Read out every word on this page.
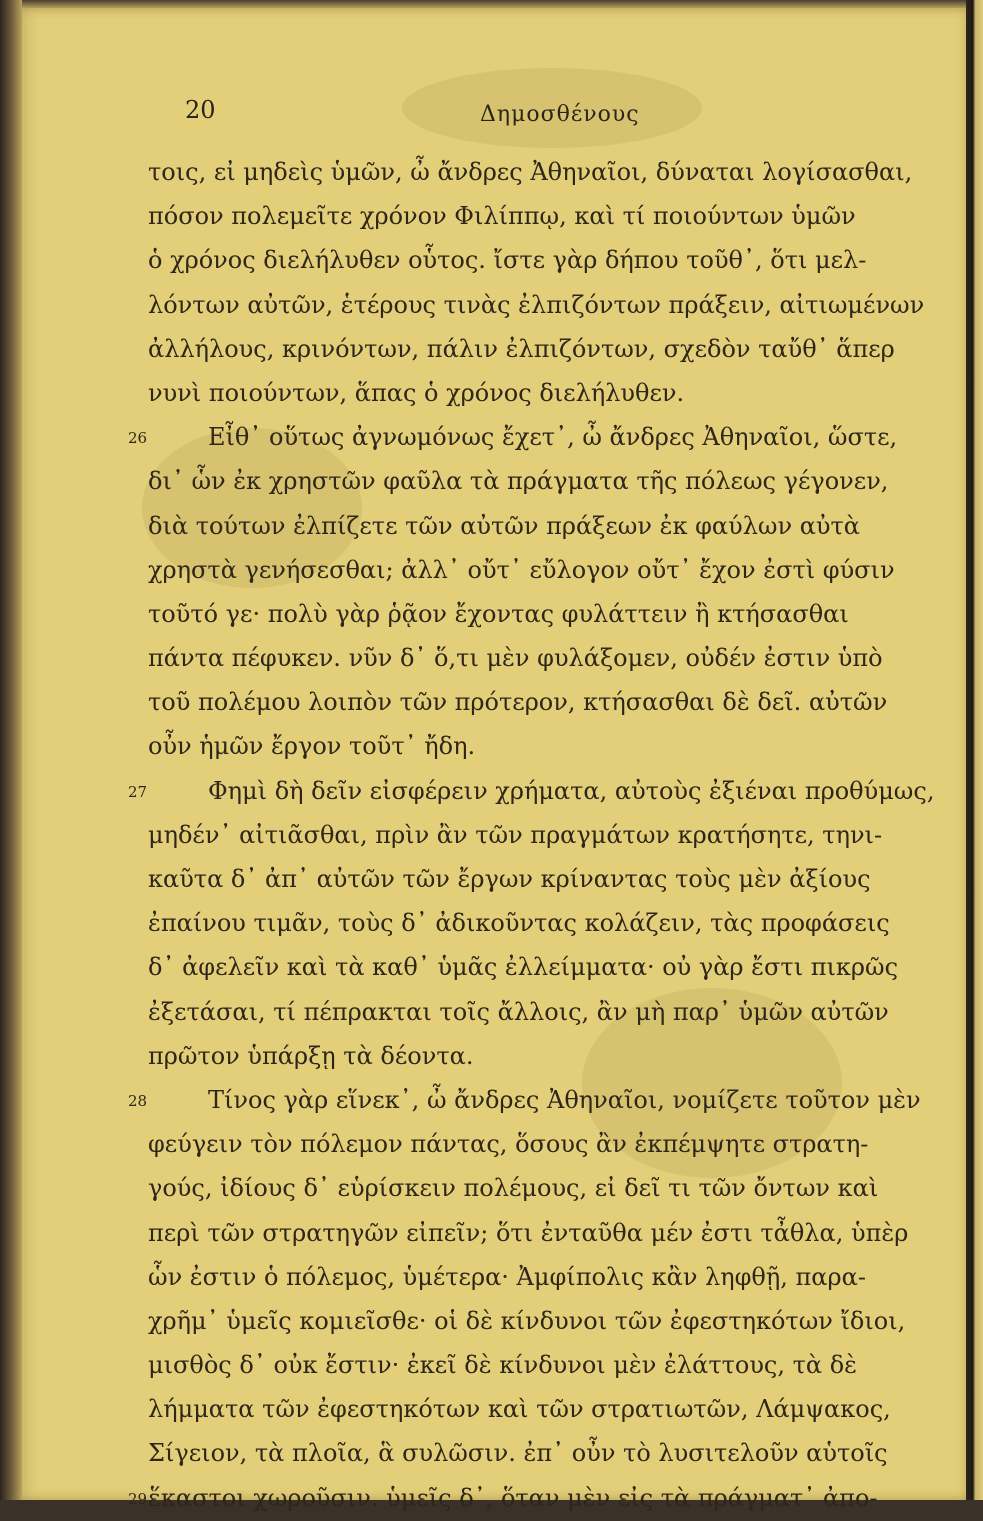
20	Δημοσθένους
τοις, εἰ μηδεὶς ὑμῶν, ὦ ἄνδρες Ἀθηναῖοι, δύναται λογίσασθαι,
πόσον πολεμεῖτε χρόνον Φιλίππῳ, καὶ τί ποιούντων ὑμῶν
ὁ χρόνος διελήλυθεν οὗτος. ἴστε γὰρ δήπου τοῦθ᾽, ὅτι μελ-
λόντων αὐτῶν, ἑτέρους τινὰς ἐλπιζόντων πράξειν, αἰτιωμένων
ἀλλήλους, κρινόντων, πάλιν ἐλπιζόντων, σχεδὸν ταὔθ᾽ ἅπερ
νυνὶ ποιούντων, ἅπας ὁ χρόνος διελήλυθεν.
26	Εἶθ᾽ οὕτως ἀγνωμόνως ἔχετ᾽, ὦ ἄνδρες Ἀθηναῖοι, ὥστε,
δι᾽ ὧν ἐκ χρηστῶν φαῦλα τὰ πράγματα τῆς πόλεως γέγονεν,
διὰ τούτων ἐλπίζετε τῶν αὐτῶν πράξεων ἐκ φαύλων αὐτὰ
χρηστὰ γενήσεσθαι; ἀλλ᾽ οὔτ᾽ εὔλογον οὔτ᾽ ἔχον ἐστὶ φύσιν
τοῦτό γε· πολὺ γὰρ ῥᾷον ἔχοντας φυλάττειν ἢ κτήσασθαι
πάντα πέφυκεν. νῦν δ᾽ ὅ,τι μὲν φυλάξομεν, οὐδέν ἐστιν ὑπὸ
τοῦ πολέμου λοιπὸν τῶν πρότερον, κτήσασθαι δὲ δεῖ. αὐτῶν
οὖν ἡμῶν ἔργον τοῦτ᾽ ἤδη.
27	Φημὶ δὴ δεῖν εἰσφέρειν χρήματα, αὐτοὺς ἐξιέναι προθύμως,
μηδέν᾽ αἰτιᾶσθαι, πρὶν ἂν τῶν πραγμάτων κρατήσητε, τηνι-
καῦτα δ᾽ ἀπ᾽ αὐτῶν τῶν ἔργων κρίναντας τοὺς μὲν ἀξίους
ἐπαίνου τιμᾶν, τοὺς δ᾽ ἀδικοῦντας κολάζειν, τὰς προφάσεις
δ᾽ ἀφελεῖν καὶ τὰ καθ᾽ ὑμᾶς ἐλλείμματα· οὐ γὰρ ἔστι πικρῶς
ἐξετάσαι, τί πέπρακται τοῖς ἄλλοις, ἂν μὴ παρ᾽ ὑμῶν αὐτῶν
πρῶτον ὑπάρξῃ τὰ δέοντα.
28	Τίνος γὰρ εἵνεκ᾽, ὦ ἄνδρες Ἀθηναῖοι, νομίζετε τοῦτον μὲν
φεύγειν τὸν πόλεμον πάντας, ὅσους ἂν ἐκπέμψητε στρατη-
γούς, ἰδίους δ᾽ εὑρίσκειν πολέμους, εἰ δεῖ τι τῶν ὄντων καὶ
περὶ τῶν στρατηγῶν εἰπεῖν; ὅτι ἐνταῦθα μέν ἐστι τἆθλα, ὑπὲρ
ὧν ἐστιν ὁ πόλεμος, ὑμέτερα· Ἀμφίπολις κἂν ληφθῇ, παρα-
χρῆμ᾽ ὑμεῖς κομιεῖσθε· οἱ δὲ κίνδυνοι τῶν ἐφεστηκότων ἴδιοι,
μισθὸς δ᾽ οὐκ ἔστιν· ἐκεῖ δὲ κίνδυνοι μὲν ἐλάττους, τὰ δὲ
λήμματα τῶν ἐφεστηκότων καὶ τῶν στρατιωτῶν, Λάμψακος,
Σίγειον, τὰ πλοῖα, ἃ συλῶσιν. ἐπ᾽ οὖν τὸ λυσιτελοῦν αὑτοῖς
29 ἕκαστοι χωροῦσιν. ὑμεῖς δ᾽, ὅταν μὲν εἰς τὰ πράγματ᾽ ἀπο-
